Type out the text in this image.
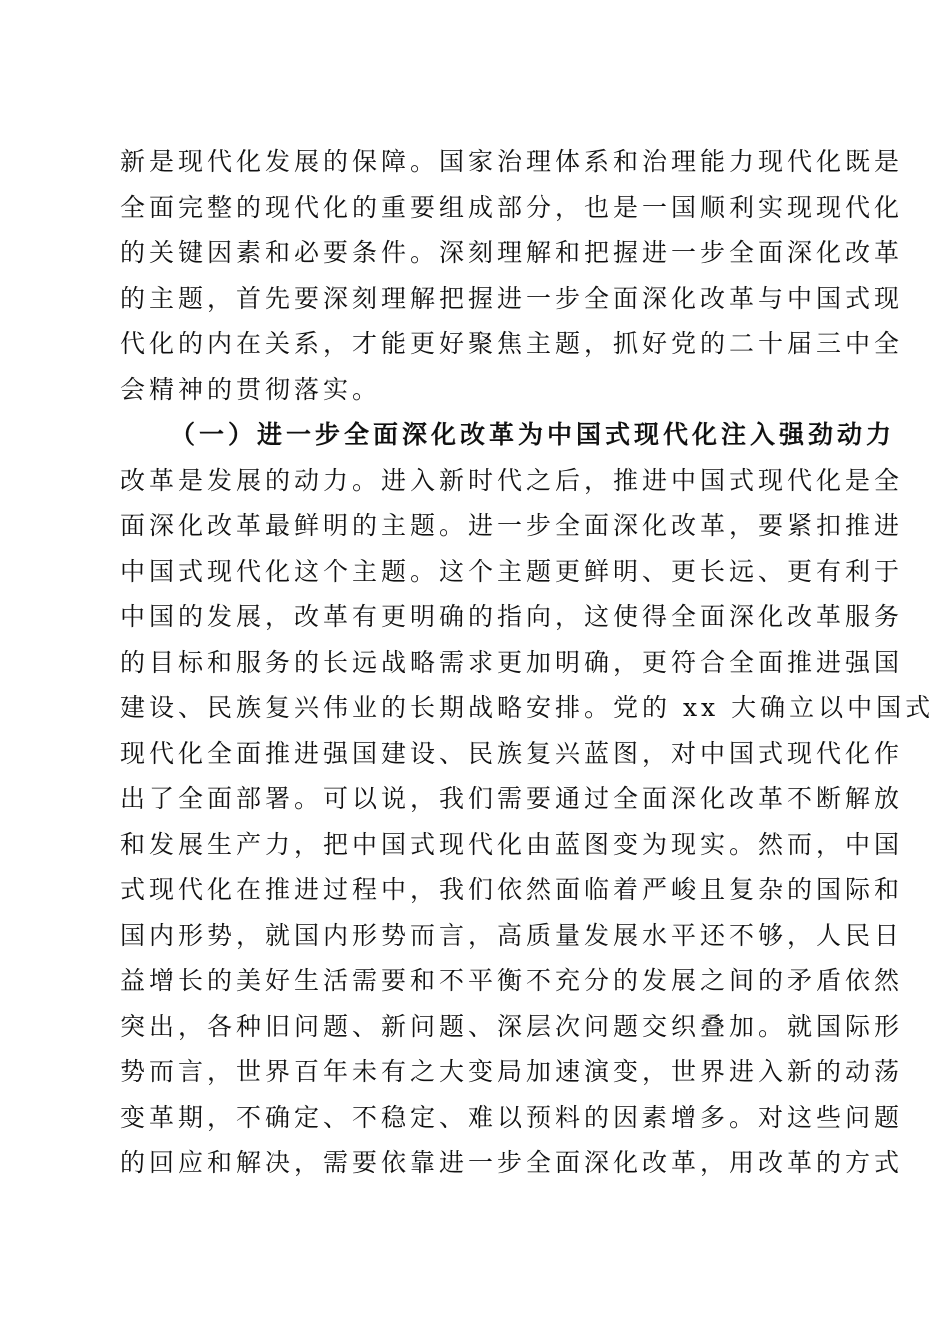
新是现代化发展的保障。国家治理体系和治理能力现代化既是
全面完整的现代化的重要组成部分，也是一国顺利实现现代化
的关键因素和必要条件。深刻理解和把握进一步全面深化改革
的主题，首先要深刻理解把握进一步全面深化改革与中国式现
代化的内在关系，才能更好聚焦主题，抓好党的二十届三中全
会精神的贯彻落实。
（一）进一步全面深化改革为中国式现代化注入强劲动力
改革是发展的动力。进入新时代之后，推进中国式现代化是全
面深化改革最鲜明的主题。进一步全面深化改革，要紧扣推进
中国式现代化这个主题。这个主题更鲜明、更长远、更有利于
中国的发展，改革有更明确的指向，这使得全面深化改革服务
的目标和服务的长远战略需求更加明确，更符合全面推进强国
建设、民族复兴伟业的长期战略安排。党的 xx 大确立以中国式
现代化全面推进强国建设、民族复兴蓝图，对中国式现代化作
出了全面部署。可以说，我们需要通过全面深化改革不断解放
和发展生产力，把中国式现代化由蓝图变为现实。然而，中国
式现代化在推进过程中，我们依然面临着严峻且复杂的国际和
国内形势，就国内形势而言，高质量发展水平还不够，人民日
益增长的美好生活需要和不平衡不充分的发展之间的矛盾依然
突出，各种旧问题、新问题、深层次问题交织叠加。就国际形
势而言，世界百年未有之大变局加速演变，世界进入新的动荡
变革期，不确定、不稳定、难以预料的因素增多。对这些问题
的回应和解决，需要依靠进一步全面深化改革，用改革的方式
